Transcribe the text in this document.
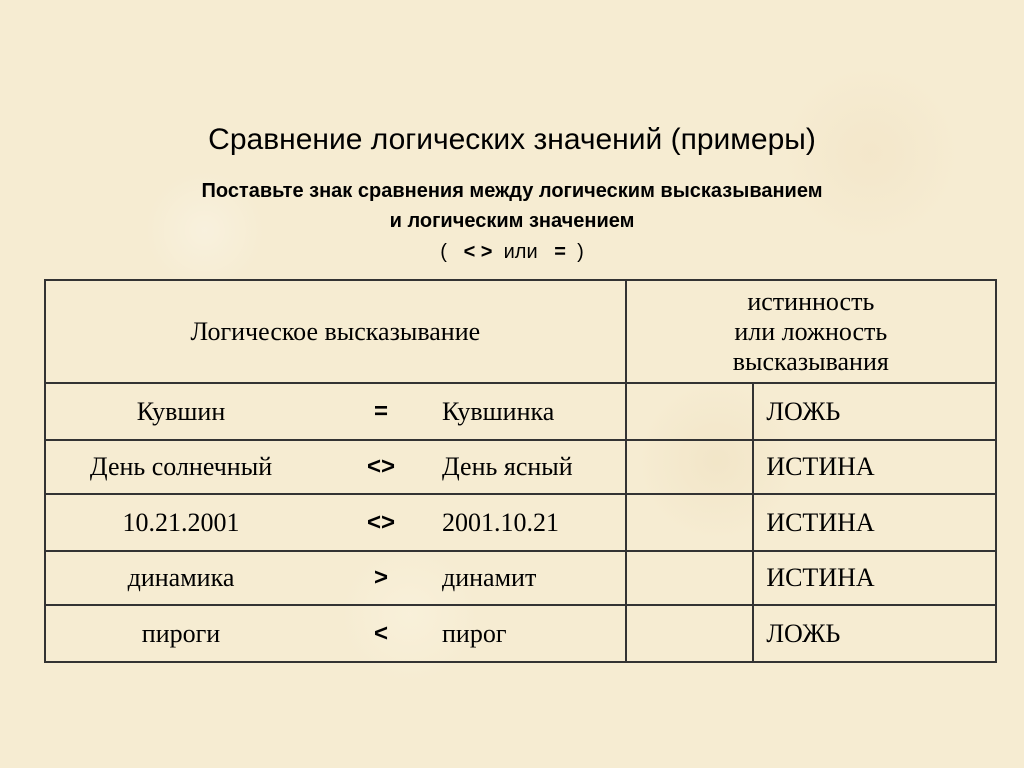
Сравнение логических значений (примеры)
Поставьте знак сравнения между логическим высказыванием
и логическим значением
( < > или = )
Логическое высказывание	истинность
или ложность
высказывания	

Кувшин = Кувшинка		ЛОЖЬ

День солнечный <> День ясный		ИСТИНА

10.21.2001 <> 2001.10.21		ИСТИНА

динамика > динамит		ИСТИНА

пироги < пирог		ЛОЖЬ
